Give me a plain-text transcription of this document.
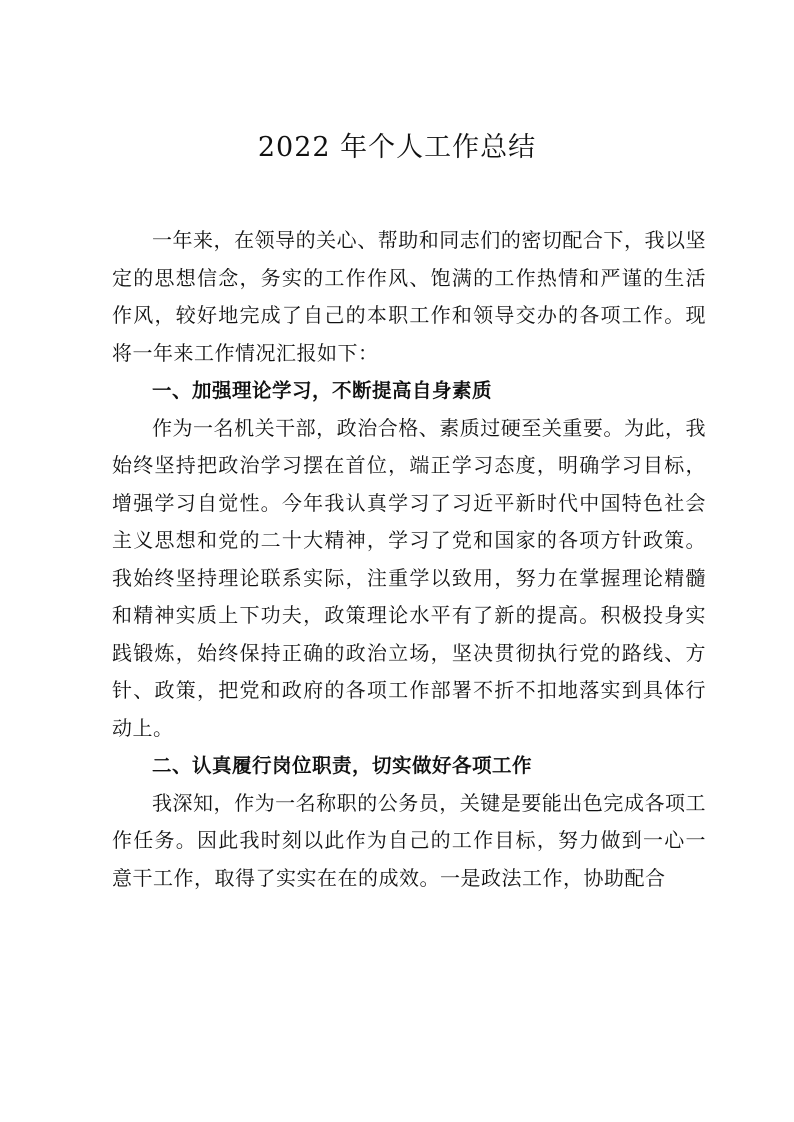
2022 年个人工作总结

一年来，在领导的关心、帮助和同志们的密切配合下，我以坚定的思想信念，务实的工作作风、饱满的工作热情和严谨的生活作风，较好地完成了自己的本职工作和领导交办的各项工作。现将一年来工作情况汇报如下：

一、加强理论学习，不断提高自身素质

作为一名机关干部，政治合格、素质过硬至关重要。为此，我始终坚持把政治学习摆在首位，端正学习态度，明确学习目标，增强学习自觉性。今年我认真学习了习近平新时代中国特色社会主义思想和党的二十大精神，学习了党和国家的各项方针政策。我始终坚持理论联系实际，注重学以致用，努力在掌握理论精髓和精神实质上下功夫，政策理论水平有了新的提高。积极投身实践锻炼，始终保持正确的政治立场，坚决贯彻执行党的路线、方针、政策，把党和政府的各项工作部署不折不扣地落实到具体行动上。

二、认真履行岗位职责，切实做好各项工作

我深知，作为一名称职的公务员，关键是要能出色完成各项工作任务。因此我时刻以此作为自己的工作目标，努力做到一心一意干工作，取得了实实在在的成效。一是政法工作，协助配合
